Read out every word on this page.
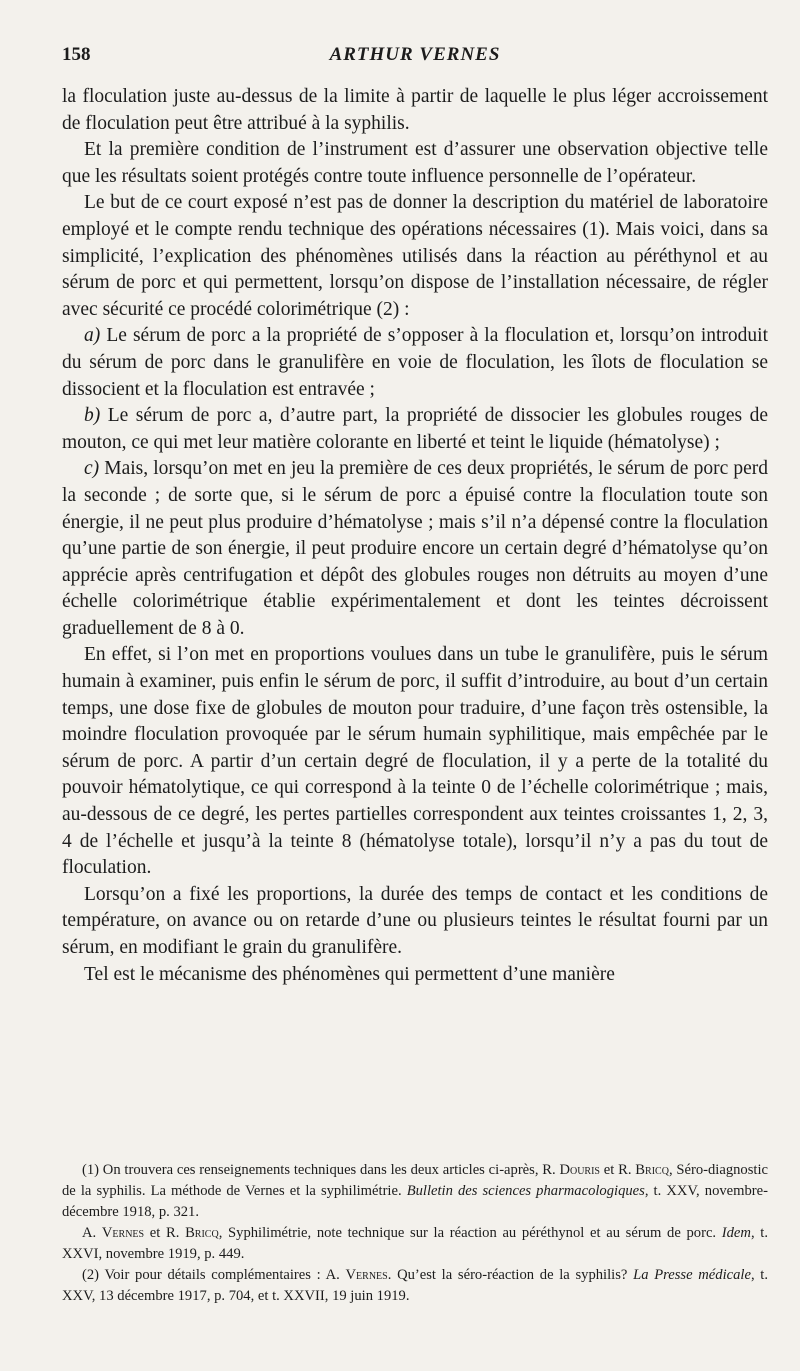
158	ARTHUR VERNES

la floculation juste au-dessus de la limite à partir de laquelle le plus léger accroissement de floculation peut être attribué à la syphilis.

Et la première condition de l’instrument est d’assurer une observation objective telle que les résultats soient protégés contre toute influence personnelle de l’opérateur.

Le but de ce court exposé n’est pas de donner la description du matériel de laboratoire employé et le compte rendu technique des opérations nécessaires (1). Mais voici, dans sa simplicité, l’explication des phénomènes utilisés dans la réaction au péréthynol et au sérum de porc et qui permettent, lorsqu’on dispose de l’installation nécessaire, de régler avec sécurité ce procédé colorimétrique (2) :

a) Le sérum de porc a la propriété de s’opposer à la floculation et, lorsqu’on introduit du sérum de porc dans le granulifère en voie de floculation, les îlots de floculation se dissocient et la floculation est entravée ;

b) Le sérum de porc a, d’autre part, la propriété de dissocier les globules rouges de mouton, ce qui met leur matière colorante en liberté et teint le liquide (hématolyse) ;

c) Mais, lorsqu’on met en jeu la première de ces deux propriétés, le sérum de porc perd la seconde ; de sorte que, si le sérum de porc a épuisé contre la floculation toute son énergie, il ne peut plus produire d’hématolyse ; mais s’il n’a dépensé contre la floculation qu’une partie de son énergie, il peut produire encore un certain degré d’hématolyse qu’on apprécie après centrifugation et dépôt des globules rouges non détruits au moyen d’une échelle colorimétrique établie expérimentalement et dont les teintes décroissent graduellement de 8 à 0.

En effet, si l’on met en proportions voulues dans un tube le granulifère, puis le sérum humain à examiner, puis enfin le sérum de porc, il suffit d’introduire, au bout d’un certain temps, une dose fixe de globules de mouton pour traduire, d’une façon très ostensible, la moindre floculation provoquée par le sérum humain syphilitique, mais empêchée par le sérum de porc. A partir d’un certain degré de floculation, il y a perte de la totalité du pouvoir hématolytique, ce qui correspond à la teinte 0 de l’échelle colorimétrique ; mais, au-dessous de ce degré, les pertes partielles correspondent aux teintes croissantes 1, 2, 3, 4 de l’échelle et jusqu’à la teinte 8 (hématolyse totale), lorsqu’il n’y a pas du tout de floculation.

Lorsqu’on a fixé les proportions, la durée des temps de contact et les conditions de température, on avance ou on retarde d’une ou plusieurs teintes le résultat fourni par un sérum, en modifiant le grain du granulifère.

Tel est le mécanisme des phénomènes qui permettent d’une manière

(1) On trouvera ces renseignements techniques dans les deux articles ci-après, R. Douris et R. Bricq, Séro-diagnostic de la syphilis. La méthode de Vernes et la syphilimétrie. Bulletin des sciences pharmacologiques, t. XXV, novembre-décembre 1918, p. 321.

A. Vernes et R. Bricq, Syphilimétrie, note technique sur la réaction au péréthynol et au sérum de porc. Idem, t. XXVI, novembre 1919, p. 449.

(2) Voir pour détails complémentaires : A. Vernes. Qu’est la séro-réaction de la syphilis? La Presse médicale, t. XXV, 13 décembre 1917, p. 704, et t. XXVII, 19 juin 1919.
